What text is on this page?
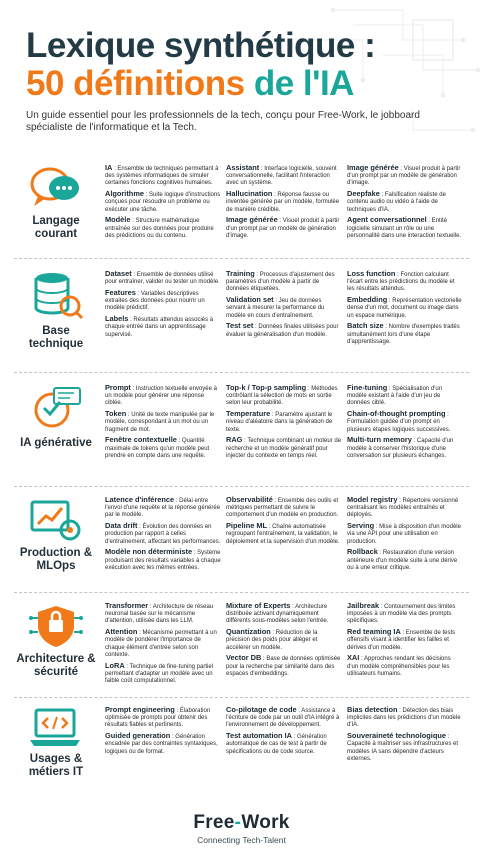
Lexique synthétique :
50 définitions de l'IA
Un guide essentiel pour les professionnels de la tech, conçu pour Free-Work, le jobboard spécialiste de l'informatique et la Tech.
Langage courant
IA : Ensemble de techniques permettant à des systèmes informatiques de simuler certaines fonctions cognitives humaines.
Algorithme : Suite logique d'instructions conçues pour résoudre un problème ou exécuter une tâche.
Modèle : Structure mathématique entraînée sur des données pour produire des prédictions ou du contenu.
Assistant : Interface logicielle, souvent conversationnelle, facilitant l'interaction avec un système.
Hallucination : Réponse fausse ou inventée générée par un modèle, formulée de manière crédible.
Image générée : Visuel produit à partir d'un prompt par un modèle de génération d'image.
Image générée : Visuel produit à partir d'un prompt par un modèle de génération d'image.
Deepfake : Falsification réaliste de contenu audio ou vidéo à l'aide de techniques d'IA.
Agent conversationnel : Entité logicielle simulant un rôle ou une personnalité dans une interaction textuelle.
Base technique
Dataset : Ensemble de données utilisé pour entraîner, valider ou tester un modèle.
Features : Variables descriptives extraites des données pour nourrir un modèle prédictif.
Labels : Résultats attendus associés à chaque entrée dans un apprentissage supervisé.
Training : Processus d'ajustement des paramètres d'un modèle à partir de données étiquetées.
Validation set : Jeu de données servant à mesurer la performance du modèle en cours d'entraînement.
Test set : Données finales utilisées pour évaluer la généralisation d'un modèle.
Loss function : Fonction calculant l'écart entre les prédictions du modèle et les résultats attendus.
Embedding : Représentation vectorielle dense d'un mot, document ou image dans un espace numérique.
Batch size : Nombre d'exemples traités simultanément lors d'une étape d'apprentissage.
IA générative
Prompt : Instruction textuelle envoyée à un modèle pour générer une réponse ciblée.
Token : Unité de texte manipulée par le modèle, correspondant à un mot ou un fragment de mot.
Fenêtre contextuelle : Quantité maximale de tokens qu'un modèle peut prendre en compte dans une requête.
Top-k / Top-p sampling : Méthodes contrôlant la sélection de mots en sortie selon leur probabilité.
Temperature : Paramètre ajustant le niveau d'aléatoire dans la génération de texte.
RAG : Technique combinant un moteur de recherche et un modèle génératif pour injecter du contexte en temps réel.
Fine-tuning : Spécialisation d'un modèle existant à l'aide d'un jeu de données ciblé.
Chain-of-thought prompting : Formulation guidée d'un prompt en plusieurs étapes logiques successives.
Multi-turn memory : Capacité d'un modèle à conserver l'historique d'une conversation sur plusieurs échanges.
Production & MLOps
Latence d'inférence : Délai entre l'envoi d'une requête et la réponse générée par le modèle.
Data drift : Évolution des données en production par rapport à celles d'entraînement, affectant les performances.
Modèle non déterministe : Système produisant des résultats variables à chaque exécution avec les mêmes entrées.
Observabilité : Ensemble des outils et métriques permettant de suivre le comportement d'un modèle en production.
Pipeline ML : Chaîne automatisée regroupant l'entraînement, la validation, le déploiement et la supervision d'un modèle.
Model registry : Répertoire versionné centralisant les modèles entraînés et déployés.
Serving : Mise à disposition d'un modèle via une API pour une utilisation en production.
Rollback : Restauration d'une version antérieure d'un modèle suite à une dérive ou à une erreur critique.
Architecture & sécurité
Transformer : Architecture de réseau neuronal basée sur le mécanisme d'attention, utilisée dans les LLM.
Attention : Mécanisme permettant à un modèle de pondérer l'importance de chaque élément d'entrée selon son contexte.
LoRA : Technique de fine-tuning partiel permettant d'adapter un modèle avec un faible coût computationnel.
Mixture of Experts : Architecture distribuée activant dynamiquement différents sous-modèles selon l'entrée.
Quantization : Réduction de la précision des poids pour alléger et accélérer un modèle.
Vector DB : Base de données optimisée pour la recherche par similarité dans des espaces d'embeddings.
Jailbreak : Contournement des limites imposées à un modèle via des prompts spécifiques.
Red teaming IA : Ensemble de tests offensifs visant à identifier les failles et dérives d'un modèle.
XAI : Approches rendant les décisions d'un modèle compréhensibles pour les utilisateurs humains.
Usages & métiers IT
Prompt engineering : Élaboration optimisée de prompts pour obtenir des résultats fiables et pertinents.
Guided generation : Génération encadrée par des contraintes syntaxiques, logiques ou de format.
Co-pilotage de code : Assistance à l'écriture de code par un outil d'IA intégré à l'environnement de développement.
Test automation IA : Génération automatique de cas de test à partir de spécifications ou de code source.
Bias detection : Détection des biais implicites dans les prédictions d'un modèle d'IA.
Souveraineté technologique : Capacité à maîtriser ses infrastructures et modèles IA sans dépendre d'acteurs externes.
Free-Work
Connecting Tech-Talent
